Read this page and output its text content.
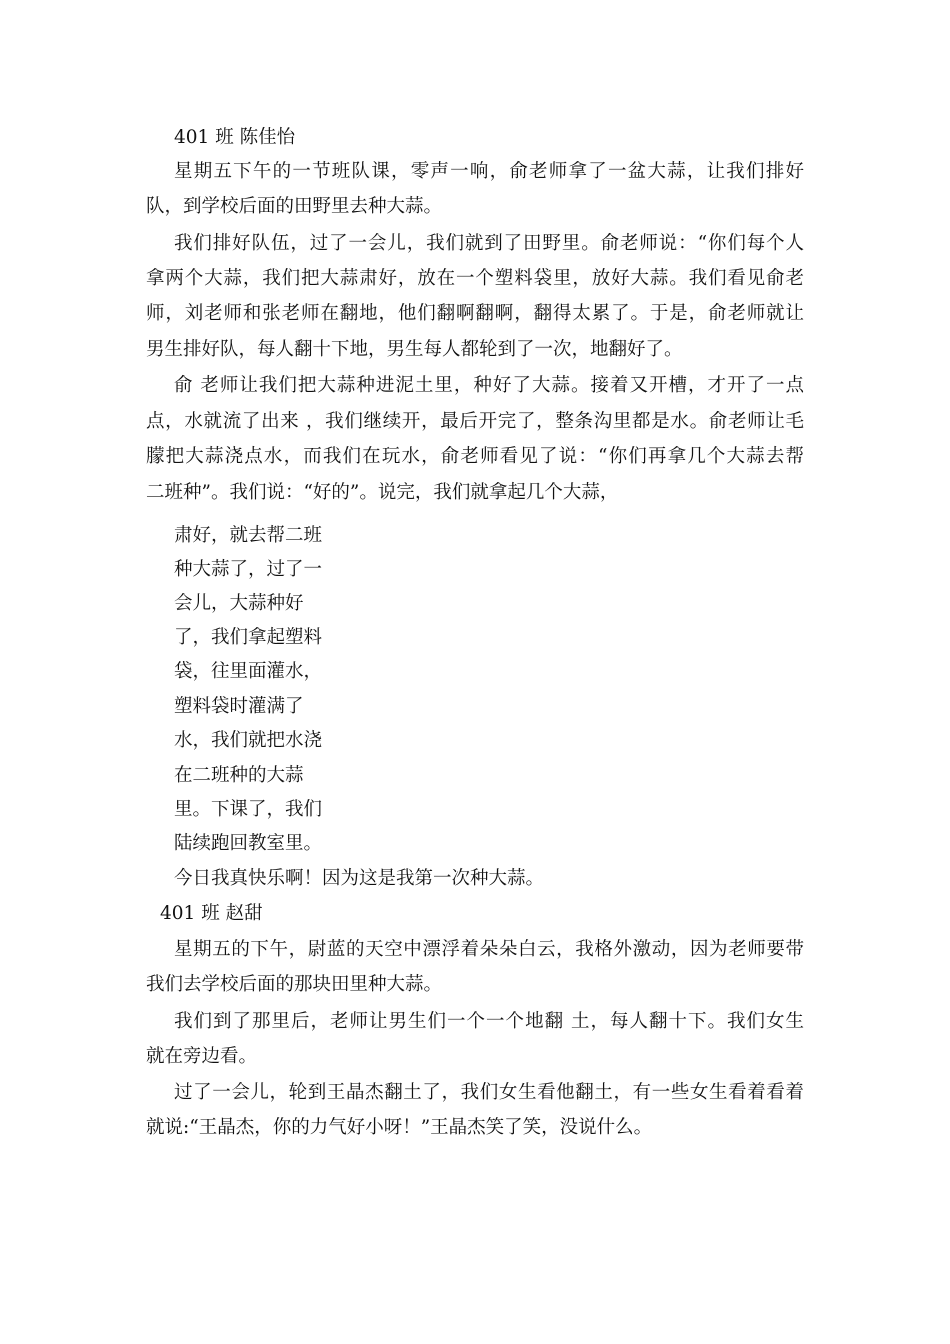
401 班 陈佳怡
星期五下午的一节班队课，零声一响，俞老师拿了一盆大蒜，让我们排好
队，到学校后面的田野里去种大蒜。
我们排好队伍，过了一会儿，我们就到了田野里。俞老师说：“你们每个人
拿两个大蒜，我们把大蒜肃好，放在一个塑料袋里，放好大蒜。我们看见俞老
师，刘老师和张老师在翻地，他们翻啊翻啊，翻得太累了。于是，俞老师就让
男生排好队，每人翻十下地，男生每人都轮到了一次，地翻好了。
俞 老师让我们把大蒜种进泥土里，种好了大蒜。接着又开槽，才开了一点
点，水就流了出来 ，我们继续开，最后开完了，整条沟里都是水。俞老师让毛
朦把大蒜浇点水，而我们在玩水，俞老师看见了说：“你们再拿几个大蒜去帮
二班种”。我们说：“好的”。说完，我们就拿起几个大蒜，
肃好，就去帮二班
种大蒜了，过了一
会儿，大蒜种好
了，我们拿起塑料
袋，往里面灌水，
塑料袋时灌满了
水，我们就把水浇
在二班种的大蒜
里。下课了，我们
陆续跑回教室里。
今日我真快乐啊！因为这是我第一次种大蒜。
401 班 赵甜
星期五的下午，尉蓝的天空中漂浮着朵朵白云，我格外激动，因为老师要带
我们去学校后面的那块田里种大蒜。
我们到了那里后，老师让男生们一个一个地翻 土，每人翻十下。我们女生
就在旁边看。
过了一会儿，轮到王晶杰翻土了，我们女生看他翻土，有一些女生看着看着
就说:“王晶杰，你的力气好小呀！”王晶杰笑了笑，没说什么。
